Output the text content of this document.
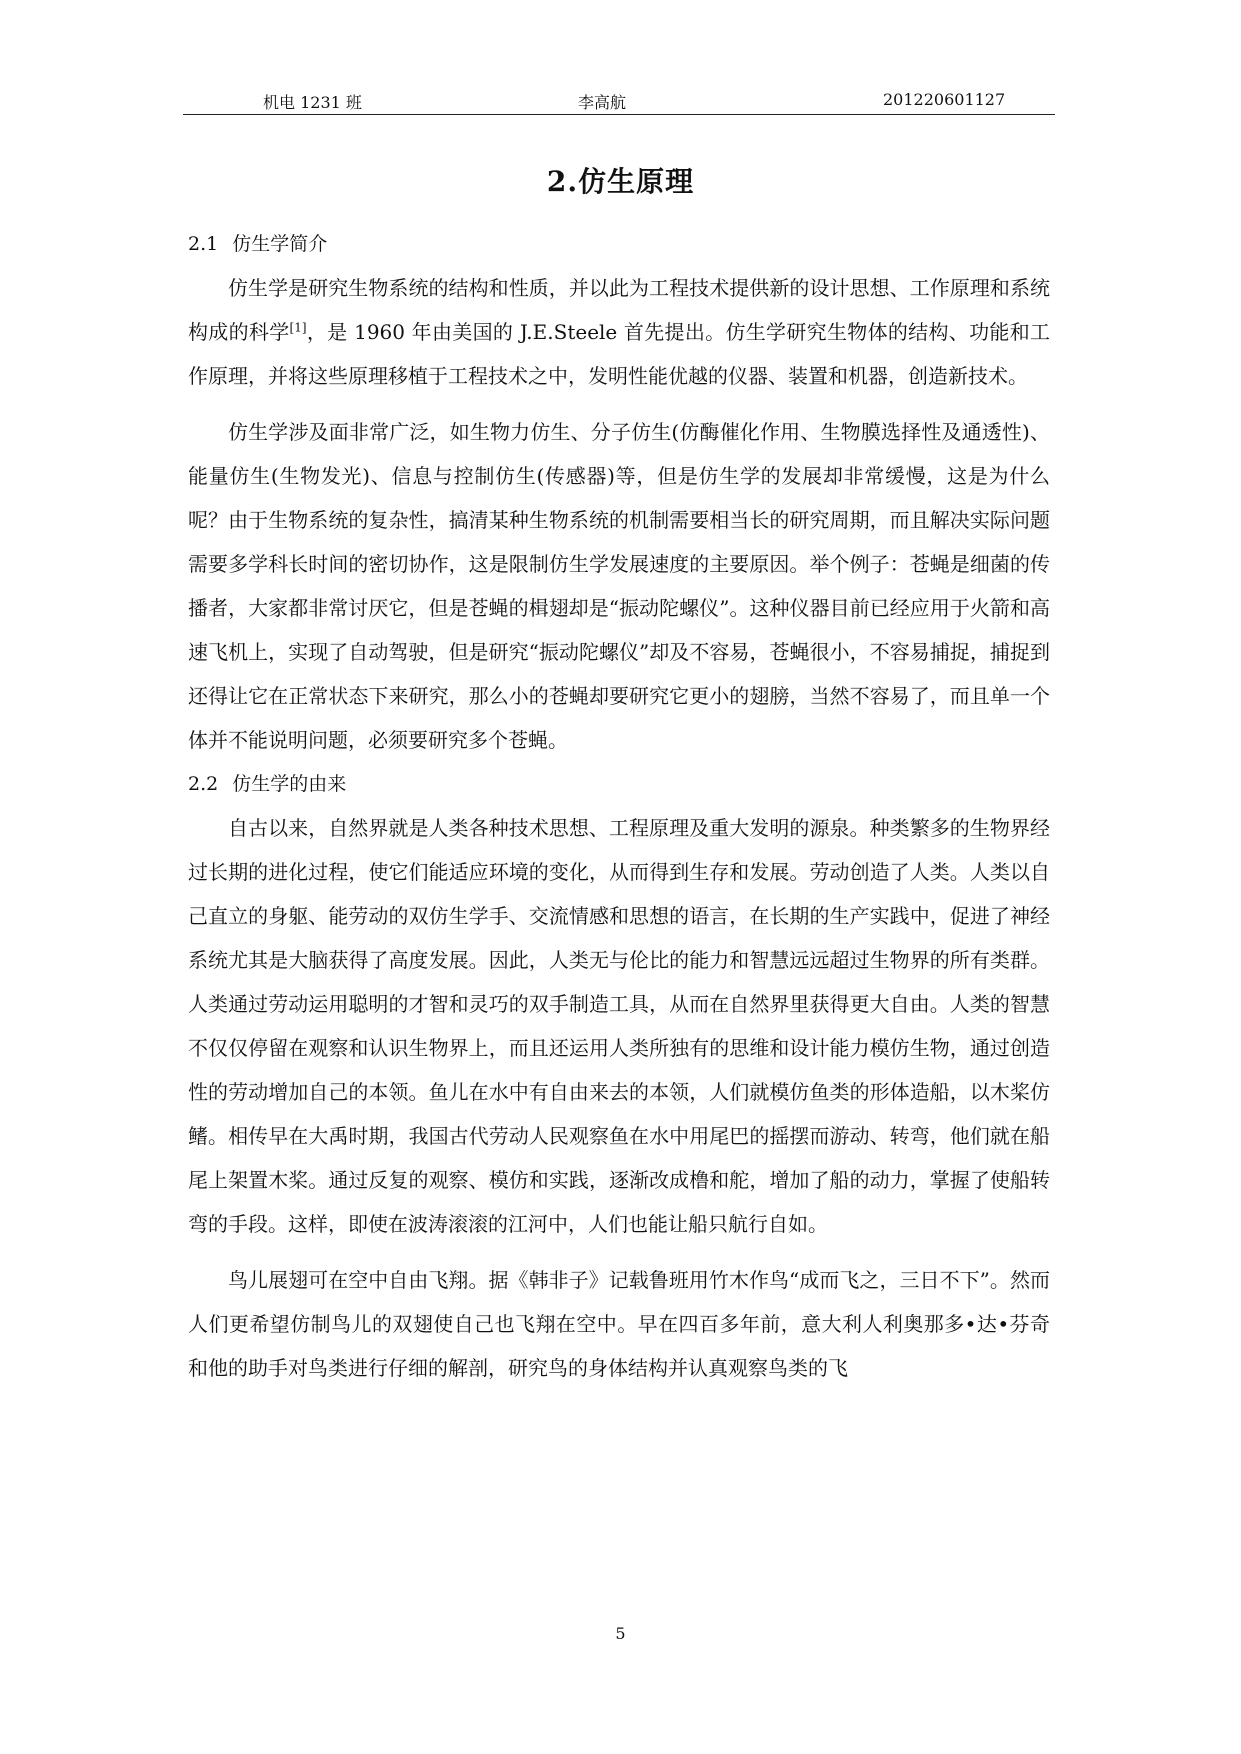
机电 1231 班	李高航	201220601127
2.仿生原理
2.1 仿生学简介

仿生学是研究生物系统的结构和性质，并以此为工程技术提供新的设计思想、工作原理和系统构成的科学[1]，是 1960 年由美国的 J.E.Steele 首先提出。仿生学研究生物体的结构、功能和工作原理，并将这些原理移植于工程技术之中，发明性能优越的仪器、装置和机器，创造新技术。

仿生学涉及面非常广泛，如生物力仿生、分子仿生(仿酶催化作用、生物膜选择性及通透性)、能量仿生(生物发光)、信息与控制仿生(传感器)等，但是仿生学的发展却非常缓慢，这是为什么呢？由于生物系统的复杂性，搞清某种生物系统的机制需要相当长的研究周期，而且解决实际问题需要多学科长时间的密切协作，这是限制仿生学发展速度的主要原因。举个例子：苍蝇是细菌的传播者，大家都非常讨厌它，但是苍蝇的楫翅却是“振动陀螺仪”。这种仪器目前已经应用于火箭和高速飞机上，实现了自动驾驶，但是研究“振动陀螺仪”却及不容易，苍蝇很小，不容易捕捉，捕捉到还得让它在正常状态下来研究，那么小的苍蝇却要研究它更小的翅膀，当然不容易了，而且单一个体并不能说明问题，必须要研究多个苍蝇。

2.2 仿生学的由来

自古以来，自然界就是人类各种技术思想、工程原理及重大发明的源泉。种类繁多的生物界经过长期的进化过程，使它们能适应环境的变化，从而得到生存和发展。劳动创造了人类。人类以自己直立的身躯、能劳动的双仿生学手、交流情感和思想的语言，在长期的生产实践中，促进了神经系统尤其是大脑获得了高度发展。因此，人类无与伦比的能力和智慧远远超过生物界的所有类群。人类通过劳动运用聪明的才智和灵巧的双手制造工具，从而在自然界里获得更大自由。人类的智慧不仅仅停留在观察和认识生物界上，而且还运用人类所独有的思维和设计能力模仿生物，通过创造性的劳动增加自己的本领。鱼儿在水中有自由来去的本领，人们就模仿鱼类的形体造船，以木桨仿鳍。相传早在大禹时期，我国古代劳动人民观察鱼在水中用尾巴的摇摆而游动、转弯，他们就在船尾上架置木桨。通过反复的观察、模仿和实践，逐渐改成橹和舵，增加了船的动力，掌握了使船转弯的手段。这样，即使在波涛滚滚的江河中，人们也能让船只航行自如。

鸟儿展翅可在空中自由飞翔。据《韩非子》记载鲁班用竹木作鸟“成而飞之，三日不下”。然而人们更希望仿制鸟儿的双翅使自己也飞翔在空中。早在四百多年前，意大利人利奥那多•达•芬奇和他的助手对鸟类进行仔细的解剖，研究鸟的身体结构并认真观察鸟类的飞

5
